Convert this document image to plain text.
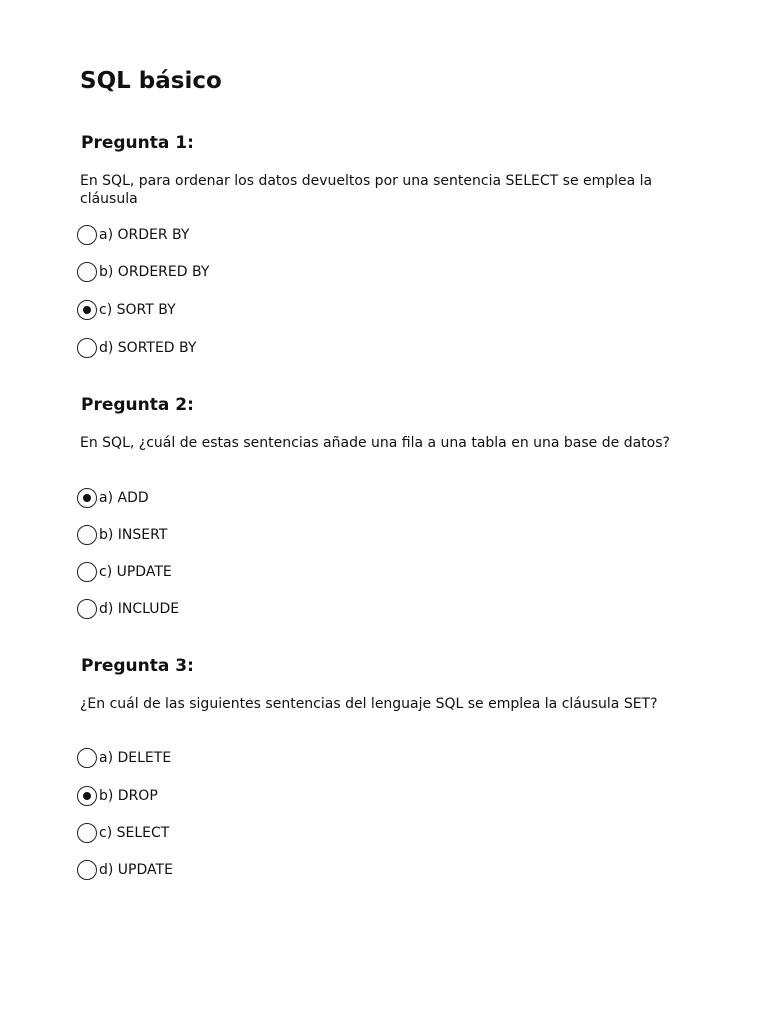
SQL básico
Pregunta 1:

En SQL, para ordenar los datos devueltos por una sentencia SELECT se emplea la cláusula

a) ORDER BY
b) ORDERED BY
c) SORT BY
d) SORTED BY
Pregunta 2:

En SQL, ¿cuál de estas sentencias añade una fila a una tabla en una base de datos?

a) ADD
b) INSERT
c) UPDATE
d) INCLUDE
Pregunta 3:

¿En cuál de las siguientes sentencias del lenguaje SQL se emplea la cláusula SET?

a) DELETE
b) DROP
c) SELECT
d) UPDATE
